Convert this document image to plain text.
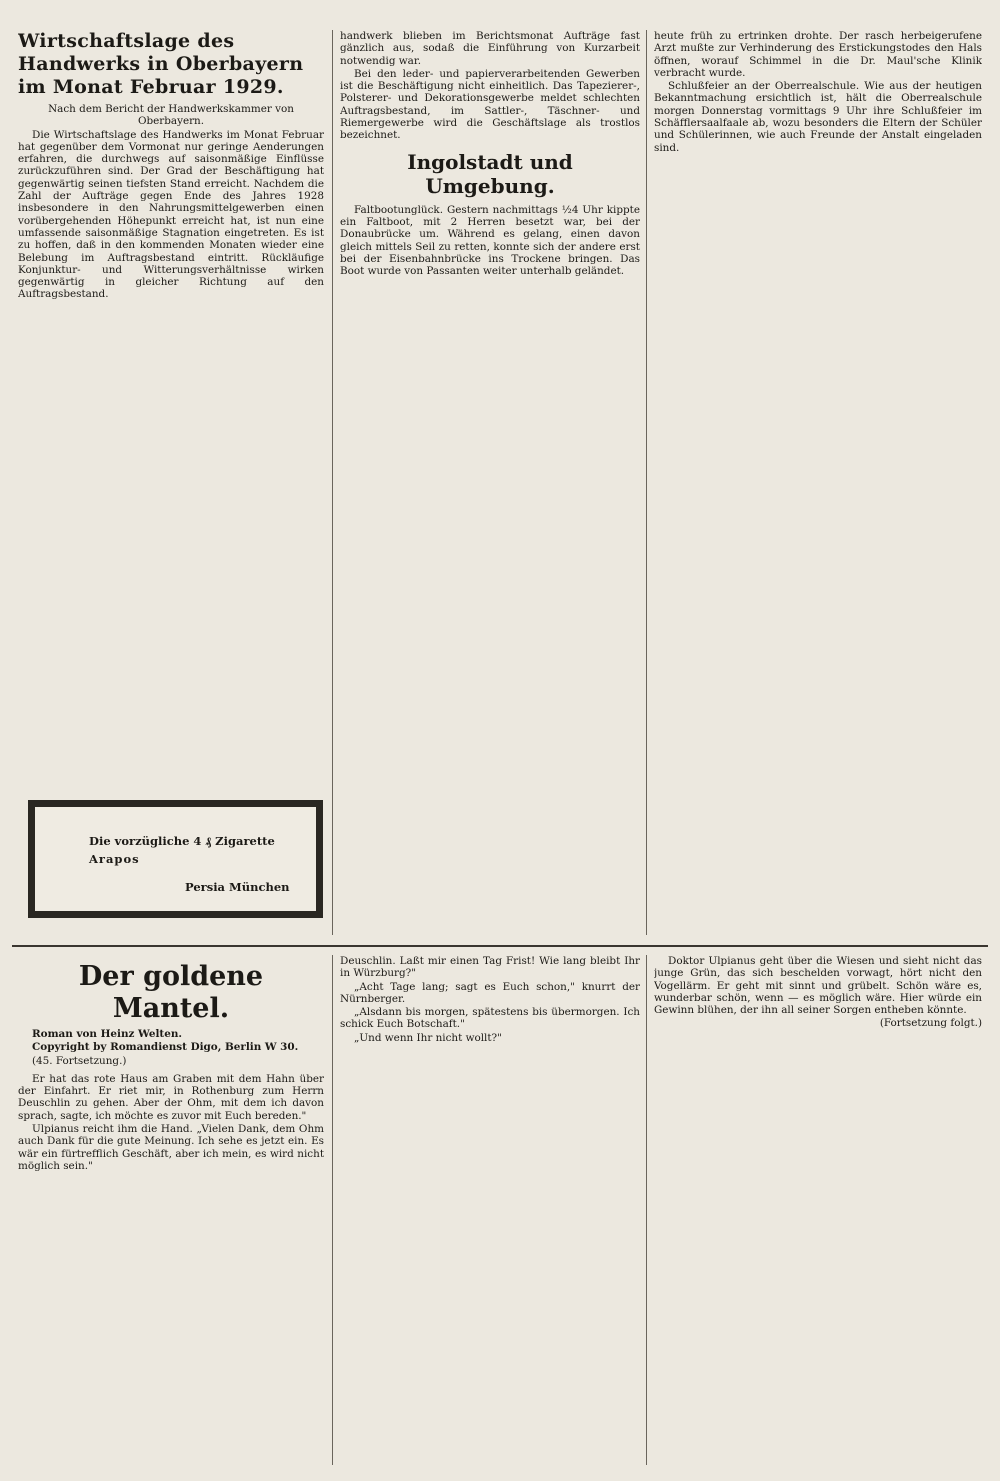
Wirtschaftslage des Handwerks in Oberbayern im Monat Februar 1929.

Nach dem Bericht der Handwerkskammer von Oberbayern.

Die Wirtschaftslage des Handwerks im Monat Februar hat gegenüber dem Vormonat nur geringe Aenderungen erfahren, die durchwegs auf saisonmäßige Einflüsse zurückzuführen sind. Der Grad der Beschäftigung hat gegenwärtig seinen tiefsten Stand erreicht. Nachdem die Zahl der Aufträge gegen Ende des Jahres 1928 insbesondere in den Nahrungsmittelgewerben einen vorübergehenden Höhepunkt erreicht hat, ist nun eine umfassende saisonmäßige Stagnation eingetreten. Es ist zu hoffen, daß in den kommenden Monaten wieder eine Belebung im Auftragsbestand eintritt. Rückläufige Konjunktur- und Witterungsverhältnisse wirken gegenwärtig in gleicher Richtung auf den Auftragsbestand.

Die vorzügliche 4 ₰ Zigarette
Arapos
Persia München

handwerk blieben im Berichtsmonat Aufträge fast gänzlich aus, sodaß die Einführung von Kurzarbeit notwendig war.

Bei den leder- und papierverarbeitenden Gewerben ist die Beschäftigung nicht einheitlich. Das Tapezierer-, Polsterer- und Dekorationsgewerbe meldet schlechten Auftragsbestand, im Sattler-, Täschner- und Riemergewerbe wird die Geschäftslage als trostlos bezeichnet.

Ingolstadt und Umgebung.

Faltbootunglück. Gestern nachmittags ½4 Uhr kippte ein Faltboot, mit 2 Herren besetzt war, bei der Donaubrücke um. Während es gelang, einen davon gleich mittels Seil zu retten, konnte sich der andere erst bei der Eisenbahnbrücke ins Trockene bringen. Das Boot wurde von Passanten weiter unterhalb geländet.

heute früh zu ertrinken drohte. Der rasch herbeigerufene Arzt mußte zur Verhinderung des Erstickungstodes den Hals öffnen, worauf Schimmel in die Dr. Maul'sche Klinik verbracht wurde.

Schlußfeier an der Oberrealschule. Wie aus der heutigen Bekanntmachung ersichtlich ist, hält die Oberrealschule morgen Donnerstag vormittags 9 Uhr ihre Schlußfeier im Schäfflersaalfaale ab, wozu besonders die Eltern der Schüler und Schülerinnen, wie auch Freunde der Anstalt eingeladen sind.

Der goldene Mantel.

Roman von Heinz Welten.

Copyright by Romandienst Digo, Berlin W 30.

(45. Fortsetzung.)

Er hat das rote Haus am Graben mit dem Hahn über der Einfahrt. Er riet mir, in Rothenburg zum Herrn Deuschlin zu gehen. Aber der Ohm, mit dem ich davon sprach, sagte, ich möchte es zuvor mit Euch bereden."

Ulpianus reicht ihm die Hand. „Vielen Dank, dem Ohm auch Dank für die gute Meinung. Ich sehe es jetzt ein. Es wär ein fürtrefflich Geschäft, aber ich mein, es wird nicht möglich sein."

Deuschlin. Laßt mir einen Tag Frist! Wie lang bleibt Ihr in Würzburg?"

„Acht Tage lang; sagt es Euch schon," knurrt der Nürnberger.

„Alsdann bis morgen, spätestens bis übermorgen. Ich schick Euch Botschaft."

„Und wenn Ihr nicht wollt?"

Doktor Ulpianus geht über die Wiesen und sieht nicht das junge Grün, das sich beschelden vorwagt, hört nicht den Vogellärm. Er geht mit sinnt und grübelt. Schön wäre es, wunderbar schön, wenn — es möglich wäre. Hier würde ein Gewinn blühen, der ihn all seiner Sorgen entheben könnte.

(Fortsetzung folgt.)
